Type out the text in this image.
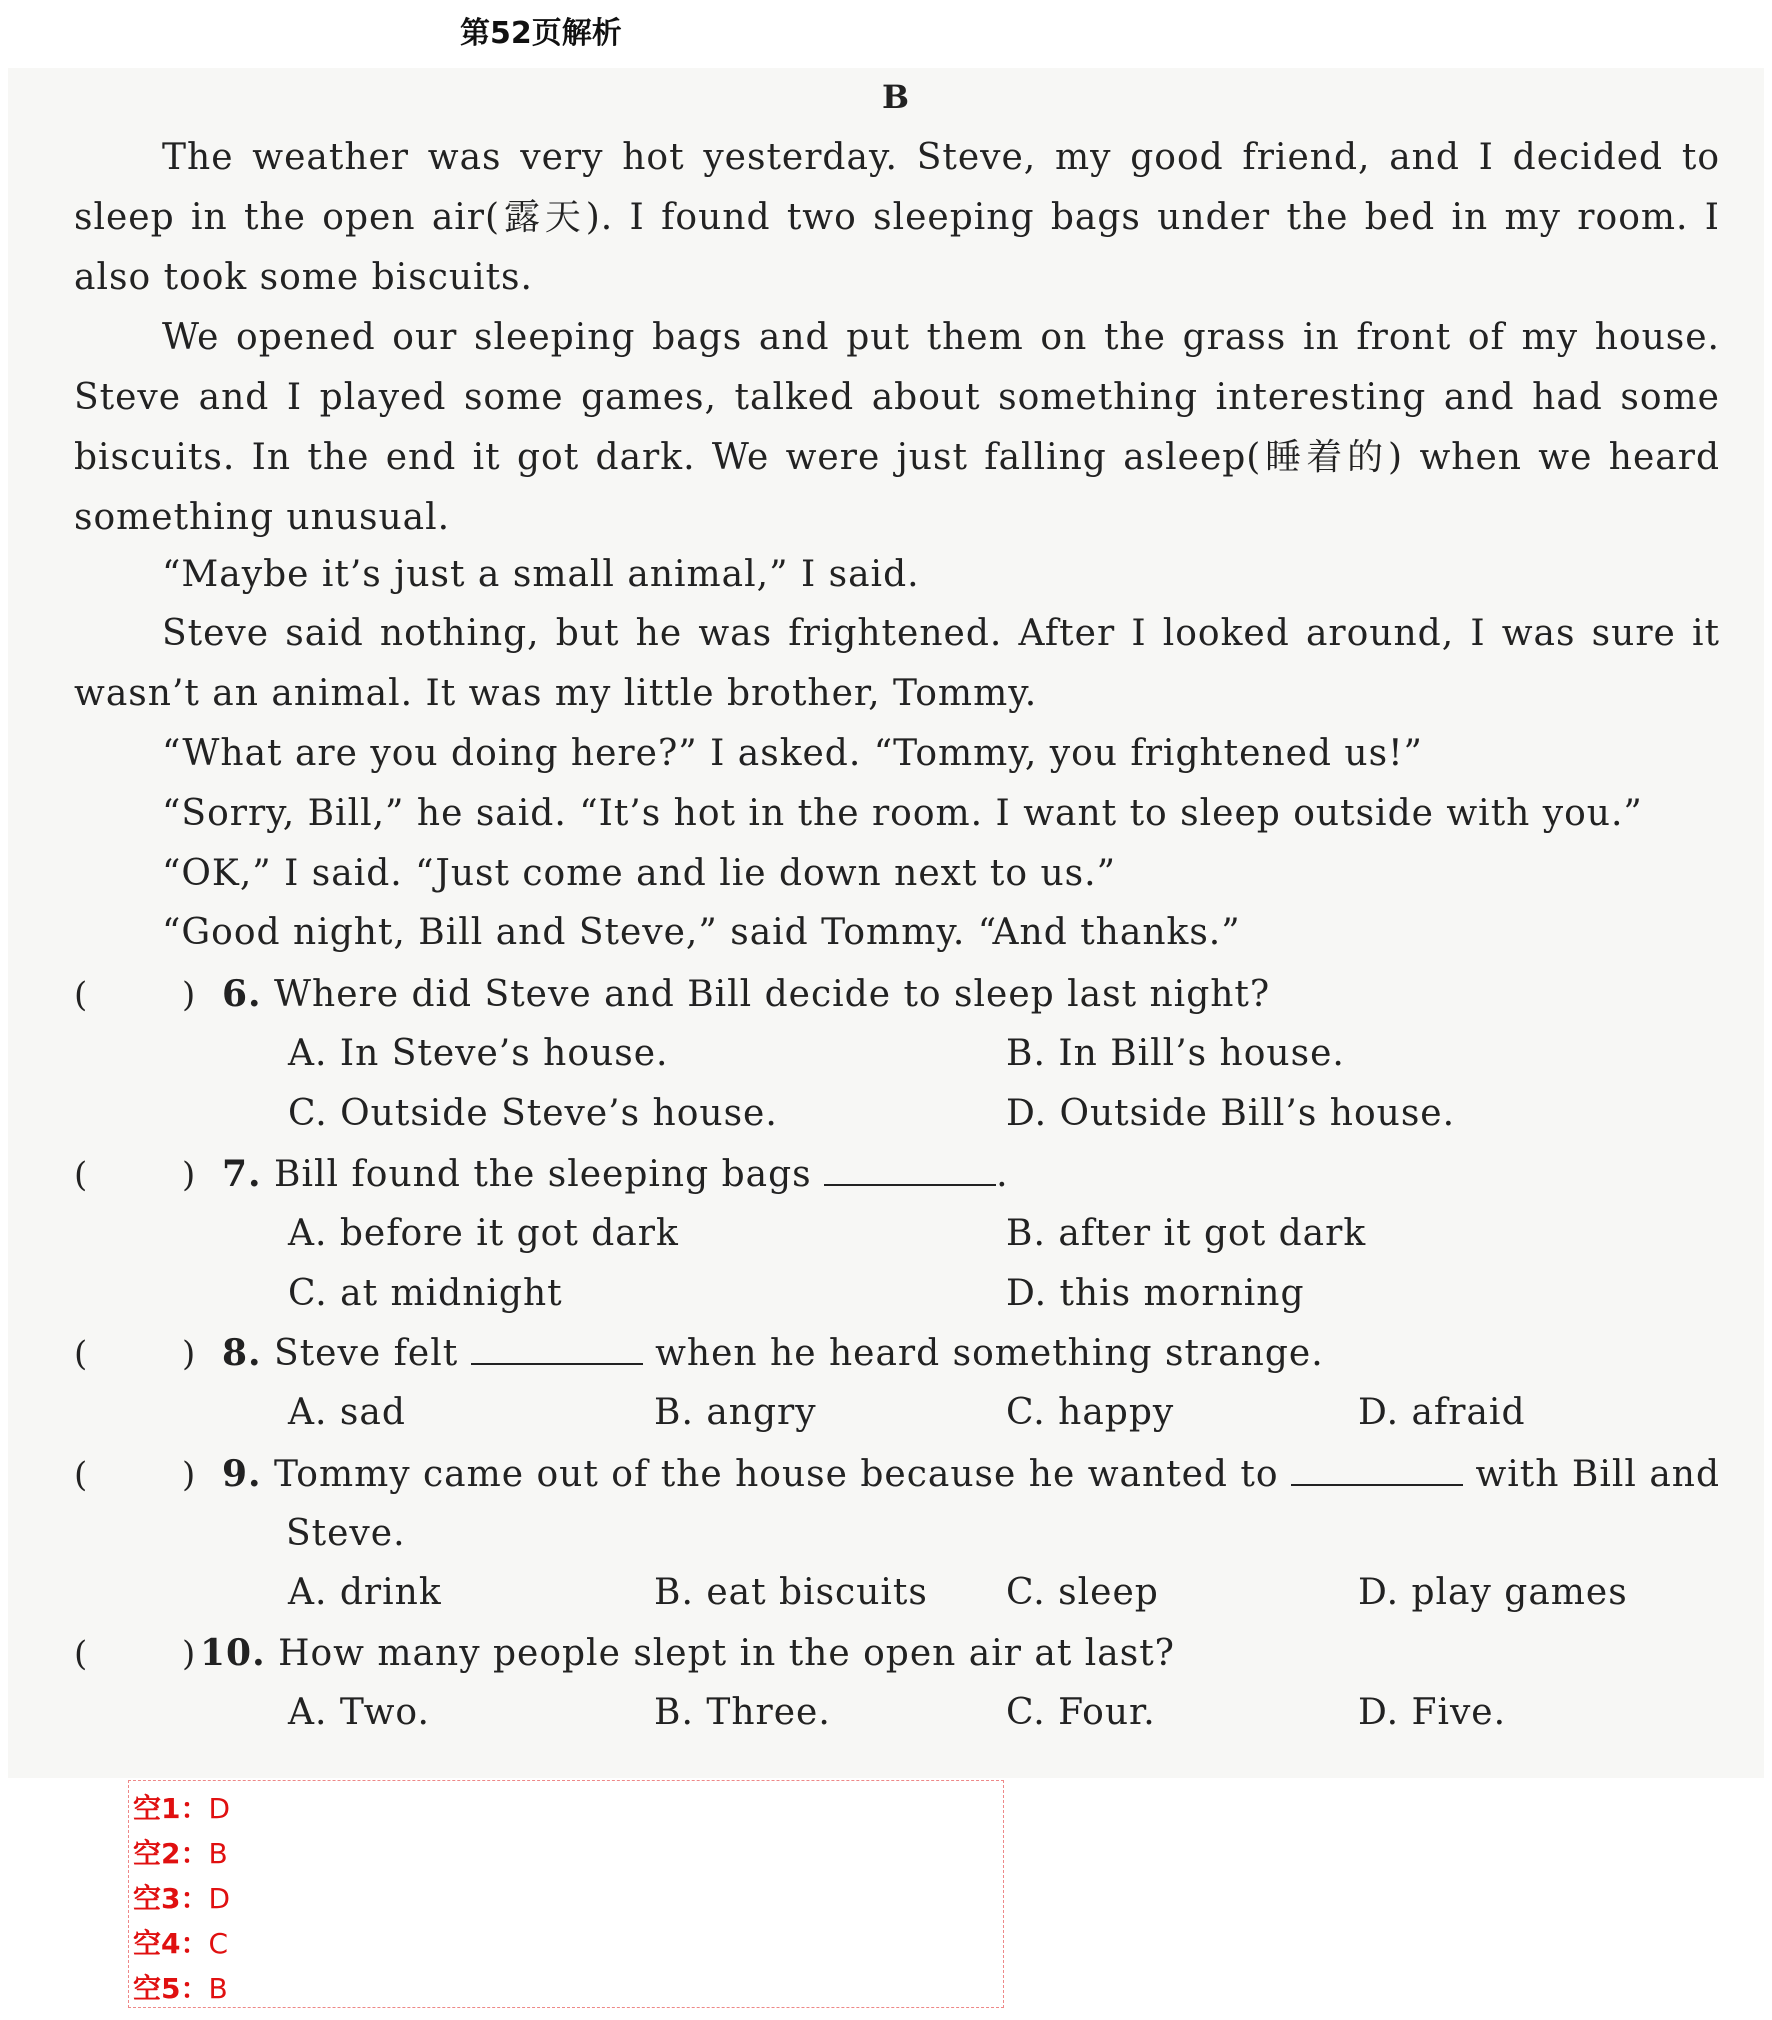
第52页解析
B

The weather was very hot yesterday. Steve, my good friend, and I decided to sleep in the open air(露天). I found two sleeping bags under the bed in my room. I also took some biscuits.

We opened our sleeping bags and put them on the grass in front of my house. Steve and I played some games, talked about something interesting and had some biscuits. In the end it got dark. We were just falling asleep(睡着的) when we heard something unusual.

“Maybe it’s just a small animal,” I said.

Steve said nothing, but he was frightened. After I looked around, I was sure it wasn’t an animal. It was my little brother, Tommy.

“What are you doing here?” I asked. “Tommy, you frightened us!”

“Sorry, Bill,” he said. “It’s hot in the room. I want to sleep outside with you.”

“OK,” I said. “Just come and lie down next to us.”

“Good night, Bill and Steve,” said Tommy. “And thanks.”

(	) 6. Where did Steve and Bill decide to sleep last night?
A. In Steve’s house.	B. In Bill’s house.
C. Outside Steve’s house.	D. Outside Bill’s house.
(	) 7. Bill found the sleeping bags	.
A. before it got dark	B. after it got dark
C. at midnight	D. this morning
(	) 8. Steve felt	when he heard something strange.
A. sad	B. angry	C. happy	D. afraid
(	) 9. Tommy came out of the house because he wanted to	with Bill and
Steve.
A. drink	B. eat biscuits C. sleep	D. play games
(	) 10. How many people slept in the open air at last?
A. Two.	B. Three.	C. Four.	D. Five.
空1：D
空2：B
空3：D
空4：C
空5：B
